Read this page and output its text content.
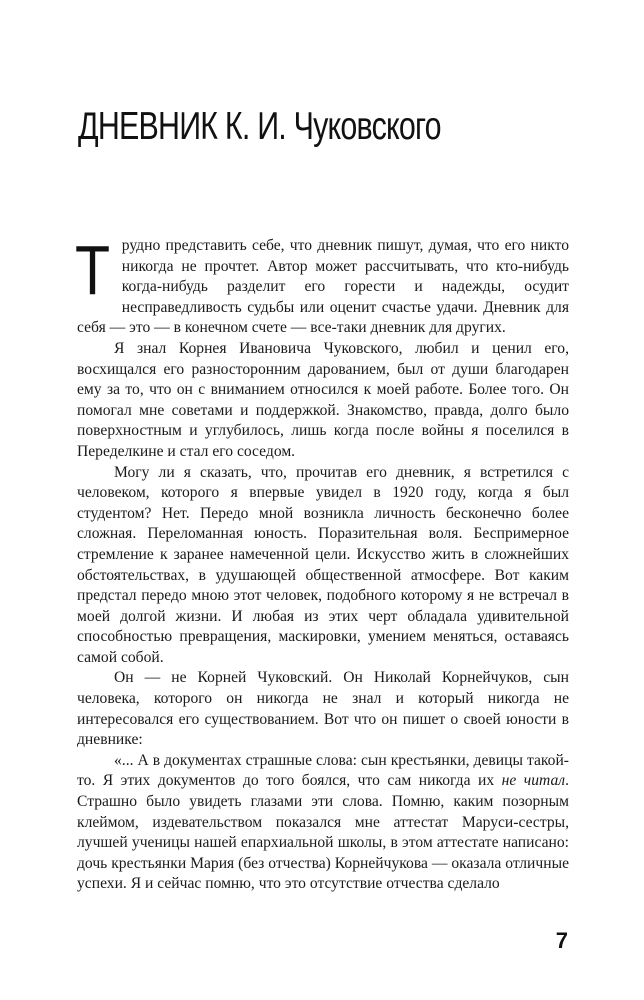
ДНЕВНИК К. И. Чуковского

Трудно представить себе, что дневник пишут, думая, что его никто никогда не прочтет. Автор может рассчитывать, что кто-нибудь когда-нибудь разделит его горести и надежды, осудит несправедливость судьбы или оценит счастье удачи. Дневник для себя — это — в конечном счете — все-таки дневник для других.

Я знал Корнея Ивановича Чуковского, любил и ценил его, восхищался его разносторонним дарованием, был от души благодарен ему за то, что он с вниманием относился к моей работе. Более того. Он помогал мне советами и поддержкой. Знакомство, правда, долго было поверхностным и углубилось, лишь когда после войны я поселился в Переделкине и стал его соседом.

Могу ли я сказать, что, прочитав его дневник, я встретился с человеком, которого я впервые увидел в 1920 году, когда я был студентом? Нет. Передо мной возникла личность бесконечно более сложная. Переломанная юность. Поразительная воля. Беспримерное стремление к заранее намеченной цели. Искусство жить в сложнейших обстоятельствах, в удушающей общественной атмосфере. Вот каким предстал передо мною этот человек, подобного которому я не встречал в моей долгой жизни. И любая из этих черт обладала удивительной способностью превращения, маскировки, умением меняться, оставаясь самой собой.

Он — не Корней Чуковский. Он Николай Корнейчуков, сын человека, которого он никогда не знал и который никогда не интересовался его существованием. Вот что он пишет о своей юности в дневнике:

«... А в документах страшные слова: сын крестьянки, девицы такой-то. Я этих документов до того боялся, что сам никогда их не читал. Страшно было увидеть глазами эти слова. Помню, каким позорным клеймом, издевательством показался мне аттестат Маруси-сестры, лучшей ученицы нашей епархиальной школы, в этом аттестате написано: дочь крестьянки Мария (без отчества) Корнейчукова — оказала отличные успехи. Я и сейчас помню, что это отсутствие отчества сделало

7
